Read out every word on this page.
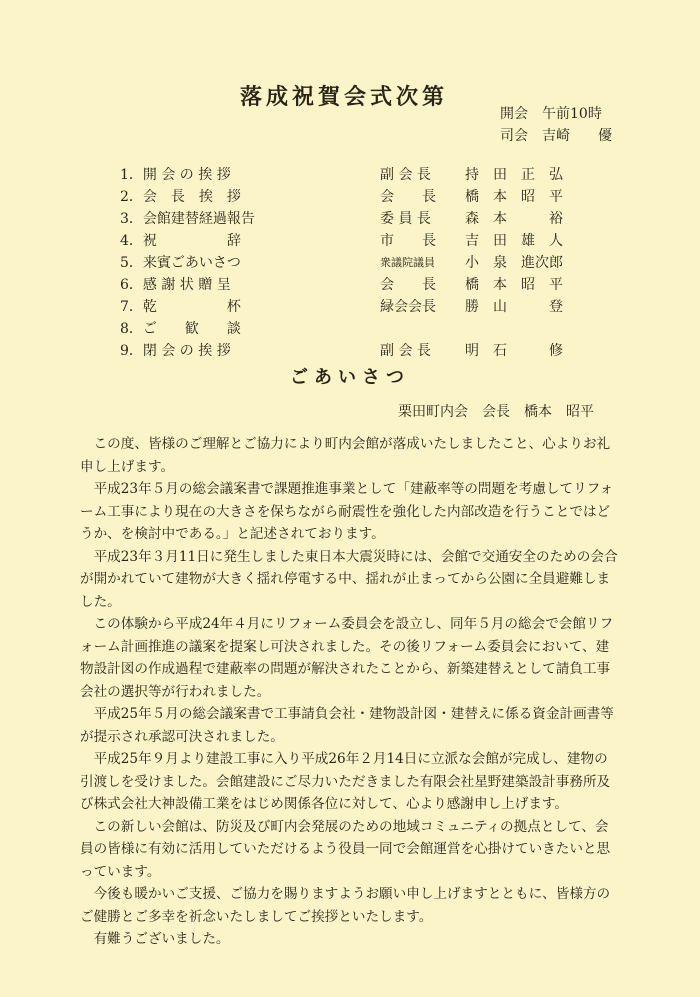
落成祝賀会式次第
開会　午前10時
司会　吉崎　　優
1．開 会 の 挨 拶	副 会 長	持　田　正　弘
2．会　長　挨　拶	会　　長	橋　本　昭　平
3．会館建替経過報告	委 員 長	森　本　　　裕
4．祝　　　　　辞	市　　長	吉　田　雄　人
5．来賓ごあいさつ	衆議院議員	小　泉　進次郎
6．感 謝 状 贈 呈	会　　長	橋　本　昭　平
7．乾　　　　　杯	緑会会長	勝　山　　　登
8．ご　　歓　　談
9．閉 会 の 挨 拶	副 会 長	明　石　　　修
ごあいさつ
栗田町内会　会長　橋本　昭平

この度、皆様のご理解とご協力により町内会館が落成いたしましたこと、心よりお礼申し上げます。

平成23年５月の総会議案書で課題推進事業として「建蔽率等の問題を考慮してリフォーム工事により現在の大きさを保ちながら耐震性を強化した内部改造を行うことではどうか、を検討中である。」と記述されております。

平成23年３月11日に発生しました東日本大震災時には、会館で交通安全のための会合が開かれていて建物が大きく揺れ停電する中、揺れが止まってから公園に全員避難しました。

この体験から平成24年４月にリフォーム委員会を設立し、同年５月の総会で会館リフォーム計画推進の議案を提案し可決されました。その後リフォーム委員会において、建物設計図の作成過程で建蔽率の問題が解決されたことから、新築建替えとして請負工事会社の選択等が行われました。

平成25年５月の総会議案書で工事請負会社・建物設計図・建替えに係る資金計画書等が提示され承認可決されました。

平成25年９月より建設工事に入り平成26年２月14日に立派な会館が完成し、建物の引渡しを受けました。会館建設にご尽力いただきました有限会社星野建築設計事務所及び株式会社大神設備工業をはじめ関係各位に対して、心より感謝申し上げます。

この新しい会館は、防災及び町内会発展のための地域コミュニティの拠点として、会員の皆様に有効に活用していただけるよう役員一同で会館運営を心掛けていきたいと思っています。

今後も暖かいご支援、ご協力を賜りますようお願い申し上げますとともに、皆様方のご健勝とご多幸を祈念いたしましてご挨拶といたします。

有難うございました。
